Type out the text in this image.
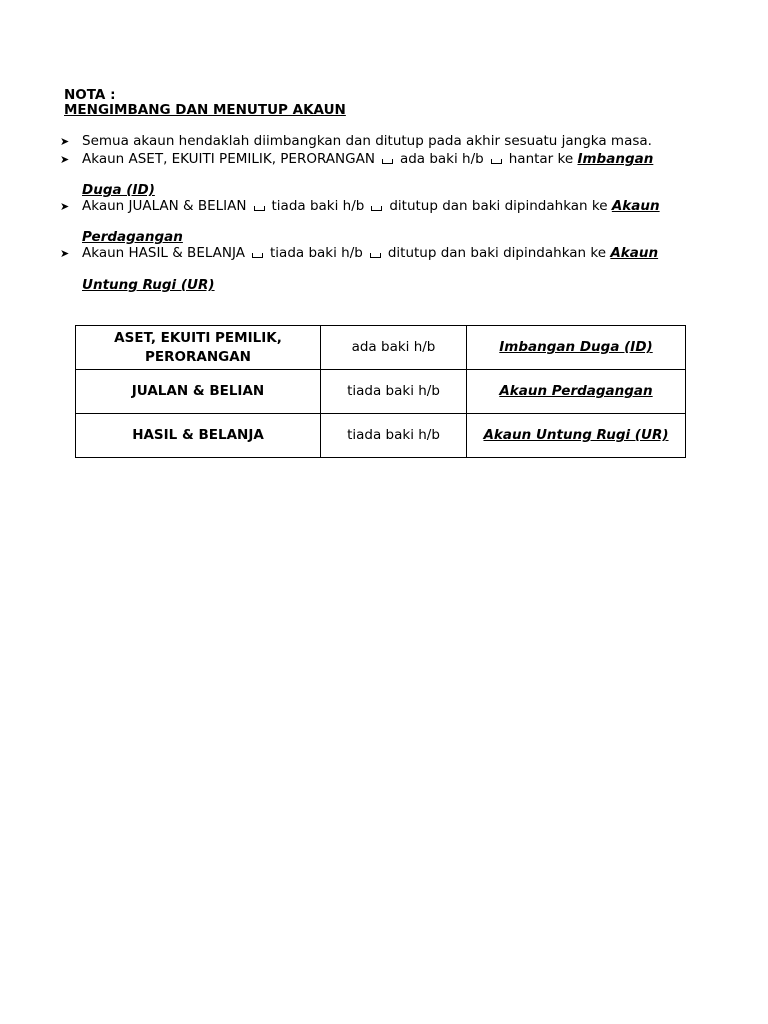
NOTA :
MENGIMBANG DAN MENUTUP AKAUN
➤ Semua akaun hendaklah diimbangkan dan ditutup pada akhir sesuatu jangka masa.
➤ Akaun ASET, EKUITI PEMILIK, PERORANGAN ada baki h/b hantar ke Imbangan
Duga (ID)
➤ Akaun JUALAN & BELIAN tiada baki h/b ditutup dan baki dipindahkan ke Akaun
Perdagangan
➤ Akaun HASIL & BELANJA tiada baki h/b ditutup dan baki dipindahkan ke Akaun
Untung Rugi (UR)
ASET, EKUITI PEMILIK, PERORANGAN	ada baki h/b	Imbangan Duga (ID)
JUALAN & BELIAN	tiada baki h/b	Akaun Perdagangan
HASIL & BELANJA	tiada baki h/b	Akaun Untung Rugi (UR)
